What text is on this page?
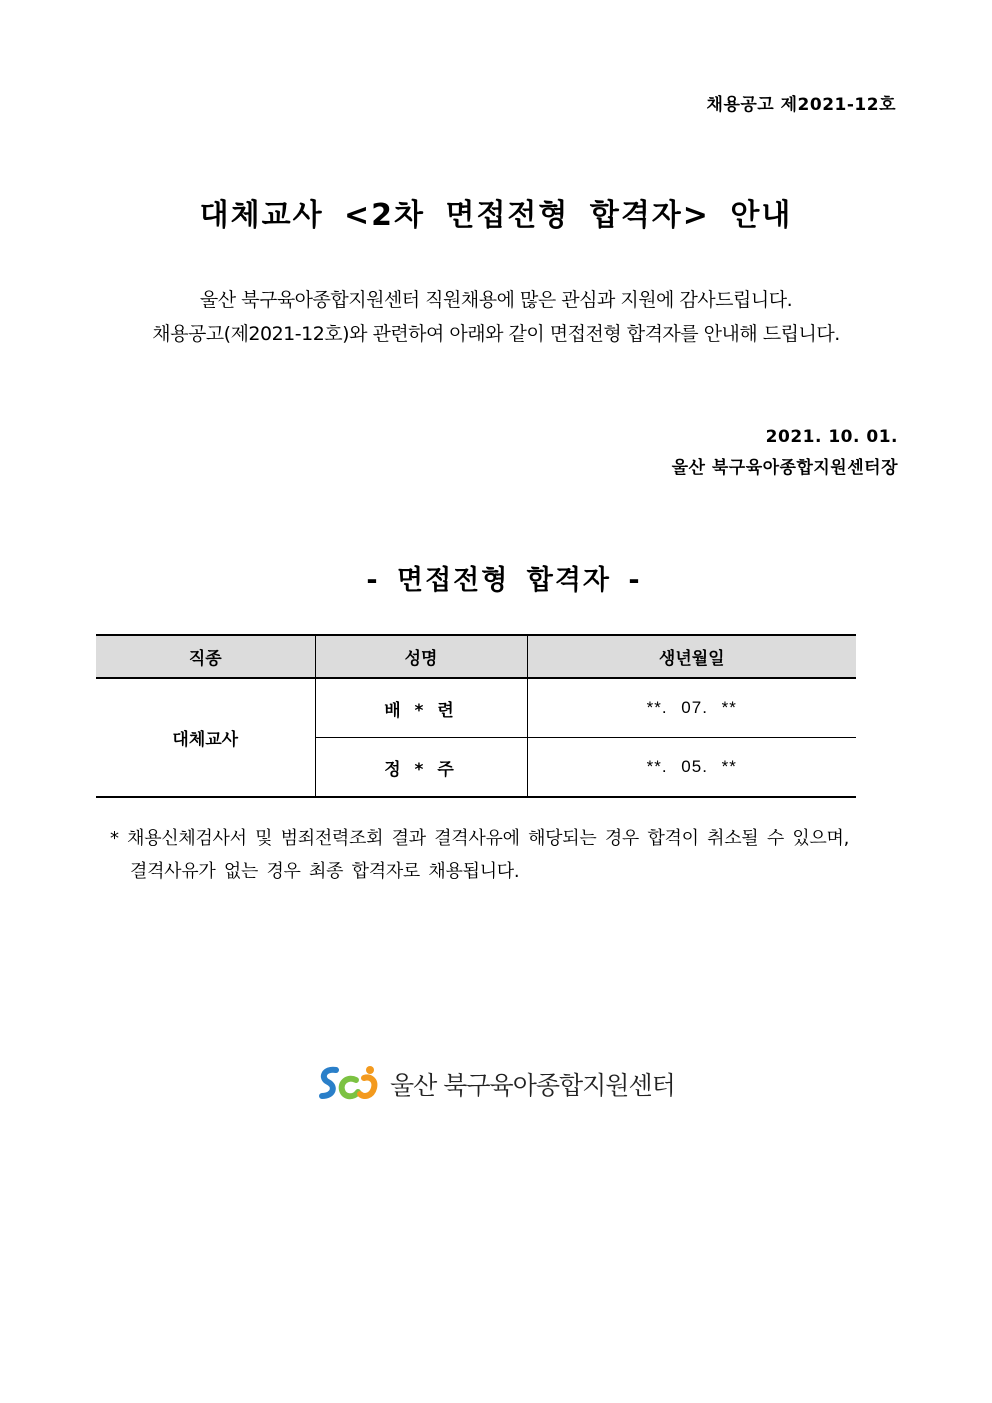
채용공고 제2021-12호
대체교사 <2차 면접전형 합격자> 안내

울산 북구육아종합지원센터 직원채용에 많은 관심과 지원에 감사드립니다.

채용공고(제2021-12호)와 관련하여 아래와 같이 면접전형 합격자를 안내해 드립니다.

2021. 10. 01.

울산 북구육아종합지원센터장

- 면접전형 합격자 -
직종	성명	생년월일
대체교사	배 * 련	**. 07. **
	정 * 주	**. 05. **

* 채용신체검사서 및 범죄전력조회 결과 결격사유에 해당되는 경우 합격이 취소될 수 있으며,

결격사유가 없는 경우 최종 합격자로 채용됩니다.

울산 북구육아종합지원센터
